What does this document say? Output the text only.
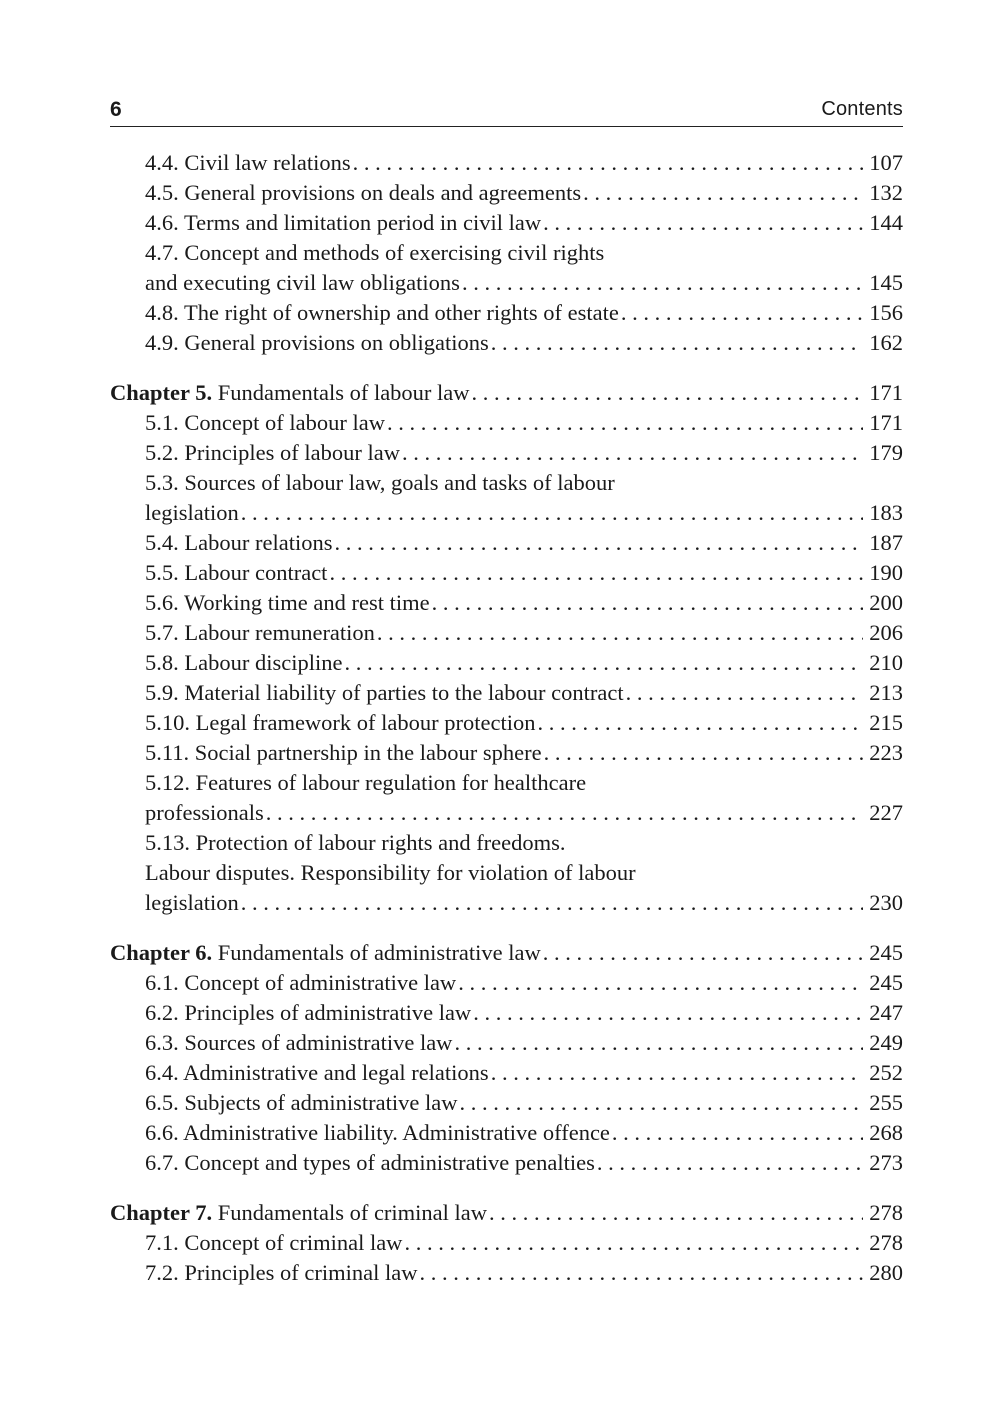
6	Contents
4.4. Civil law relations . . .	107
4.5. General provisions on deals and agreements . . .	132
4.6. Terms and limitation period in civil law . . .	144
4.7. Concept and methods of exercising civil rights
and executing civil law obligations . . .	145
4.8. The right of ownership and other rights of estate . . .	156
4.9. General provisions on obligations . . .	162
Chapter 5. Fundamentals of labour law . . .	171
5.1. Concept of labour law . . .	171
5.2. Principles of labour law . . .	179
5.3. Sources of labour law, goals and tasks of labour
legislation . . .	183
5.4. Labour relations . . .	187
5.5. Labour contract . . .	190
5.6. Working time and rest time . . .	200
5.7. Labour remuneration . . .	206
5.8. Labour discipline . . .	210
5.9. Material liability of parties to the labour contract . . .	213
5.10. Legal framework of labour protection . . .	215
5.11. Social partnership in the labour sphere . . .	223
5.12. Features of labour regulation for healthcare
professionals . . .	227
5.13. Protection of labour rights and freedoms.
Labour disputes. Responsibility for violation of labour
legislation . . .	230
Chapter 6. Fundamentals of administrative law . . .	245
6.1. Concept of administrative law . . .	245
6.2. Principles of administrative law . . .	247
6.3. Sources of administrative law . . .	249
6.4. Administrative and legal relations . . .	252
6.5. Subjects of administrative law . . .	255
6.6. Administrative liability. Administrative offence . . .	268
6.7. Concept and types of administrative penalties . . .	273
Chapter 7. Fundamentals of criminal law . . .	278
7.1. Concept of criminal law . . .	278
7.2. Principles of criminal law . . .	280
